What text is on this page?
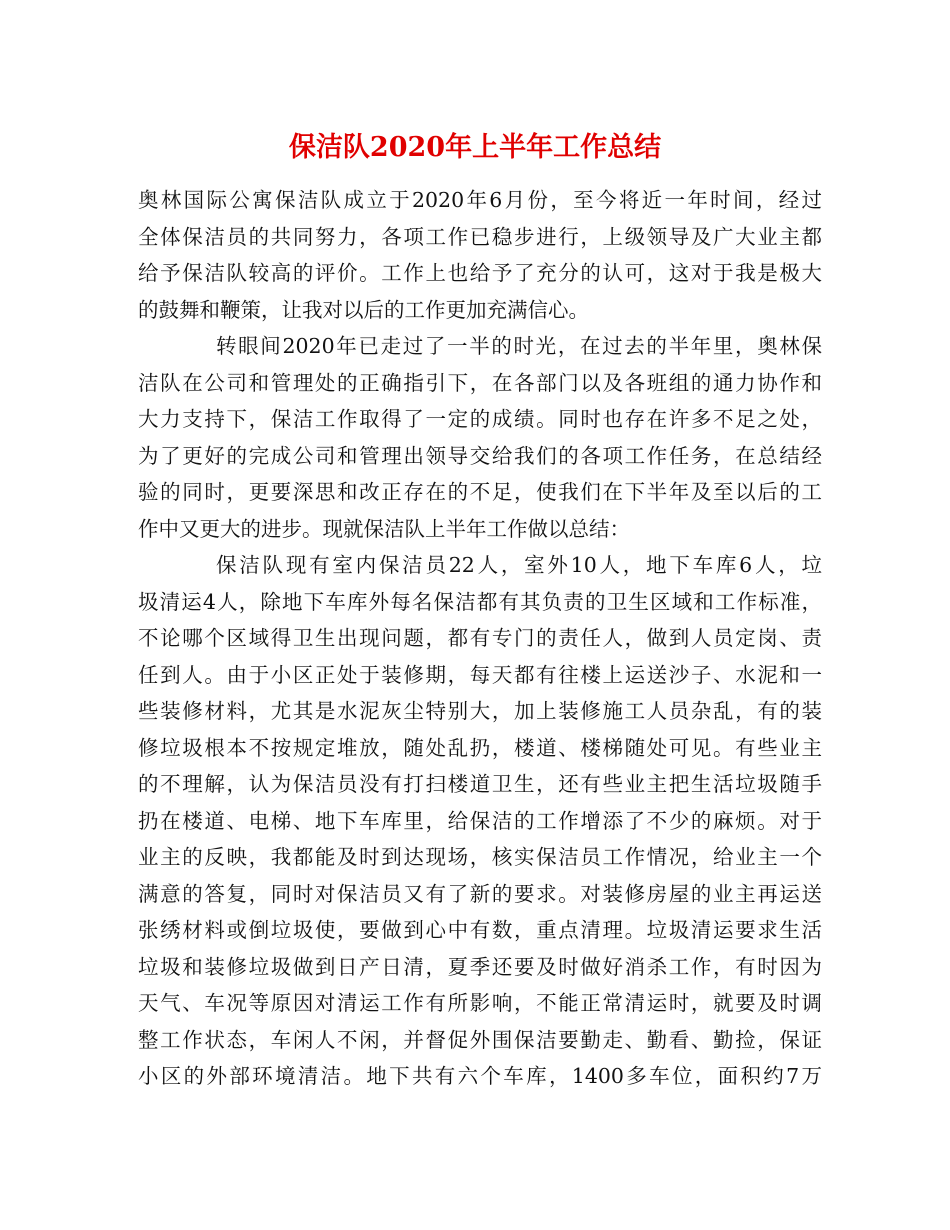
保洁队2020年上半年工作总结
奥林国际公寓保洁队成立于2020年6月份，至今将近一年时间，经过
全体保洁员的共同努力，各项工作已稳步进行，上级领导及广大业主都
给予保洁队较高的评价。工作上也给予了充分的认可，这对于我是极大
的鼓舞和鞭策，让我对以后的工作更加充满信心。
转眼间2020年已走过了一半的时光，在过去的半年里，奥林保
洁队在公司和管理处的正确指引下，在各部门以及各班组的通力协作和
大力支持下，保洁工作取得了一定的成绩。同时也存在许多不足之处，
为了更好的完成公司和管理出领导交给我们的各项工作任务，在总结经
验的同时，更要深思和改正存在的不足，使我们在下半年及至以后的工
作中又更大的进步。现就保洁队上半年工作做以总结：
保洁队现有室内保洁员22人，室外10人，地下车库6人，垃
圾清运4人，除地下车库外每名保洁都有其负责的卫生区域和工作标准，
不论哪个区域得卫生出现问题，都有专门的责任人，做到人员定岗、责
任到人。由于小区正处于装修期，每天都有往楼上运送沙子、水泥和一
些装修材料，尤其是水泥灰尘特别大，加上装修施工人员杂乱，有的装
修垃圾根本不按规定堆放，随处乱扔，楼道、楼梯随处可见。有些业主
的不理解，认为保洁员没有打扫楼道卫生，还有些业主把生活垃圾随手
扔在楼道、电梯、地下车库里，给保洁的工作增添了不少的麻烦。对于
业主的反映，我都能及时到达现场，核实保洁员工作情况，给业主一个
满意的答复，同时对保洁员又有了新的要求。对装修房屋的业主再运送
张绣材料或倒垃圾使，要做到心中有数，重点清理。垃圾清运要求生活
垃圾和装修垃圾做到日产日清，夏季还要及时做好消杀工作，有时因为
天气、车况等原因对清运工作有所影响，不能正常清运时，就要及时调
整工作状态，车闲人不闲，并督促外围保洁要勤走、勤看、勤捡，保证
小区的外部环境清洁。地下共有六个车库，1400多车位，面积约7万
